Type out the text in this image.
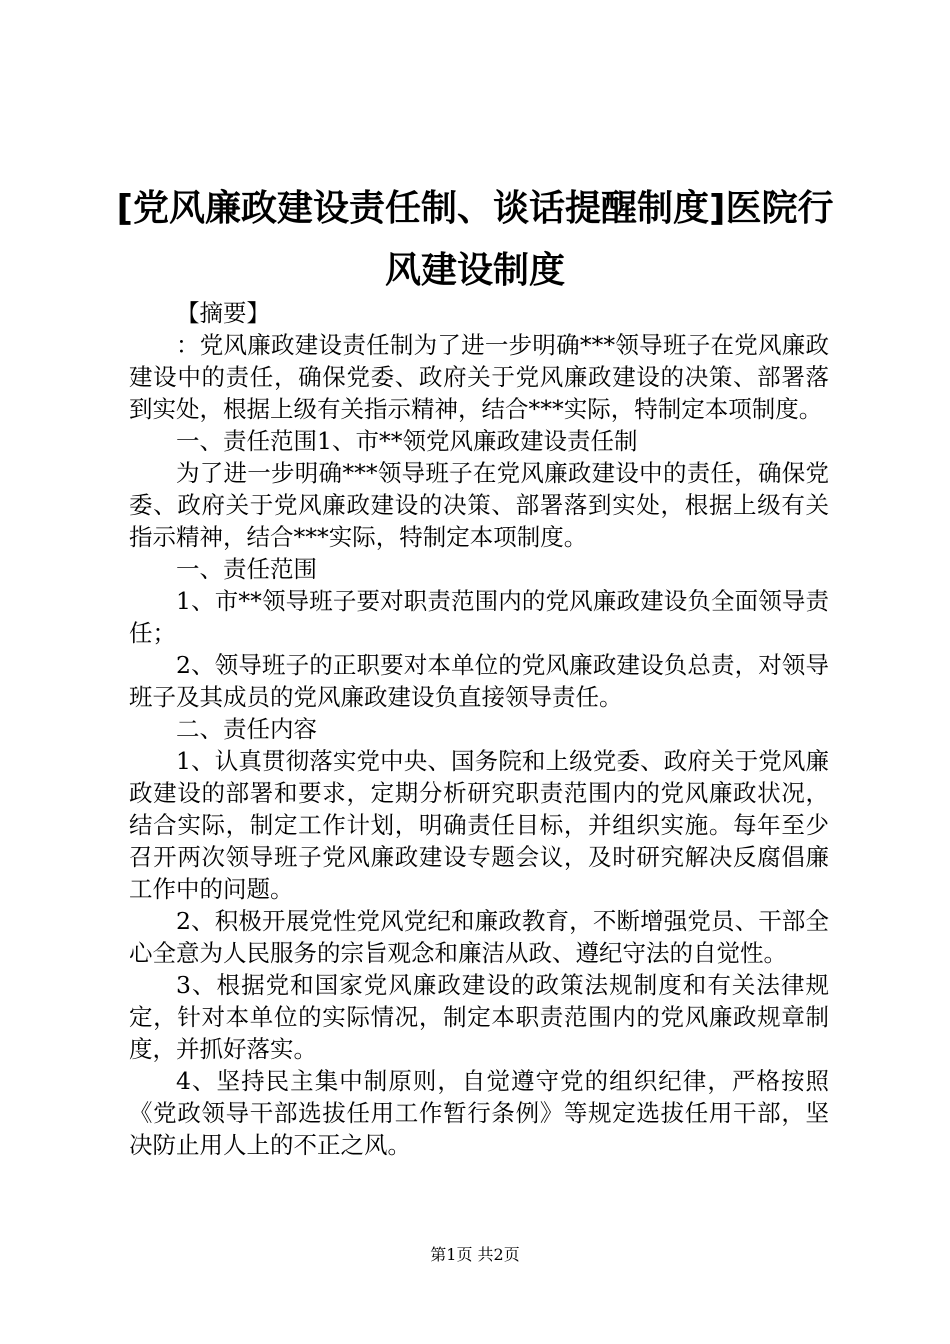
[党风廉政建设责任制、谈话提醒制度]医院行风建设制度

【摘要】

：党风廉政建设责任制为了进一步明确***领导班子在党风廉政建设中的责任，确保党委、政府关于党风廉政建设的决策、部署落到实处，根据上级有关指示精神，结合***实际，特制定本项制度。

一、责任范围1、市**领党风廉政建设责任制

为了进一步明确***领导班子在党风廉政建设中的责任，确保党委、政府关于党风廉政建设的决策、部署落到实处，根据上级有关指示精神，结合***实际，特制定本项制度。

一、责任范围

1、市**领导班子要对职责范围内的党风廉政建设负全面领导责任；

2、领导班子的正职要对本单位的党风廉政建设负总责，对领导班子及其成员的党风廉政建设负直接领导责任。

二、责任内容

1、认真贯彻落实党中央、国务院和上级党委、政府关于党风廉政建设的部署和要求，定期分析研究职责范围内的党风廉政状况，结合实际，制定工作计划，明确责任目标，并组织实施。每年至少召开两次领导班子党风廉政建设专题会议，及时研究解决反腐倡廉工作中的问题。

2、积极开展党性党风党纪和廉政教育，不断增强党员、干部全心全意为人民服务的宗旨观念和廉洁从政、遵纪守法的自觉性。

3、根据党和国家党风廉政建设的政策法规制度和有关法律规定，针对本单位的实际情况，制定本职责范围内的党风廉政规章制度，并抓好落实。

4、坚持民主集中制原则，自觉遵守党的组织纪律，严格按照《党政领导干部选拔任用工作暂行条例》等规定选拔任用干部，坚决防止用人上的不正之风。

第1页 共2页
